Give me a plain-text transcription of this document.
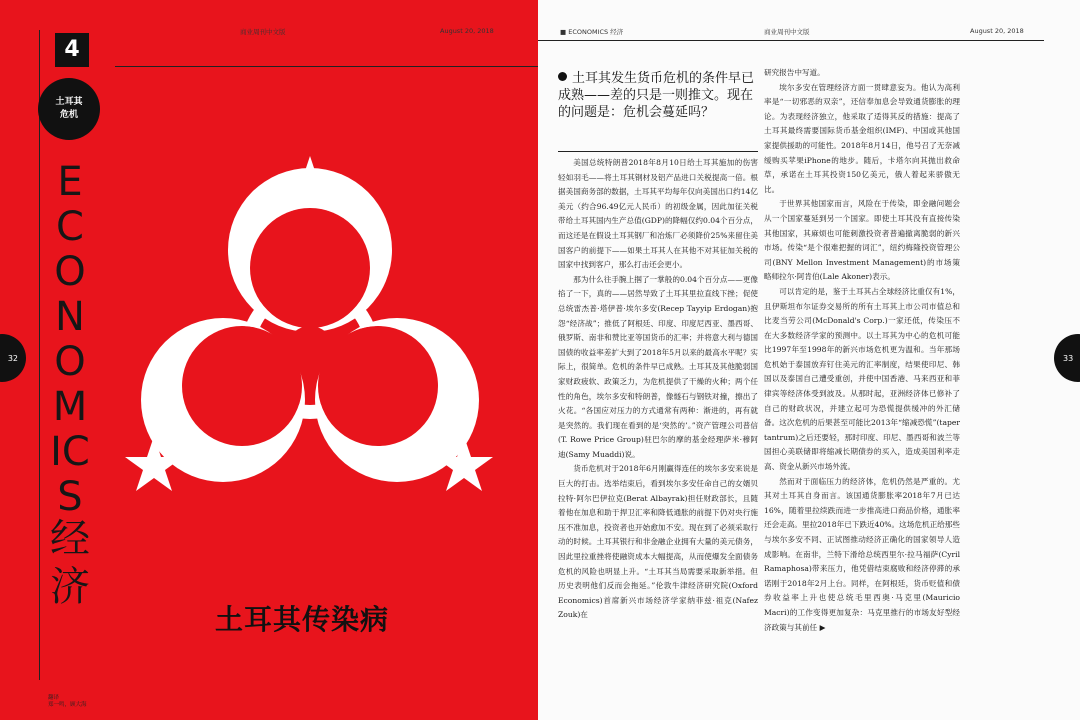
商业周刊中文版	August 20, 2018
4
土耳其
危机
ECONOMICS
经济
翻译
郑一鸣，顾大海
土耳其传染病
32
■ ECONOMICS 经济	商业周刊中文版	August 20, 2018
土耳其发生货币危机的条件早已成熟——差的只是一则推文。现在的问题是：危机会蔓延吗？

美国总统特朗普2018年8月10日给土耳其施加的伤害轻如羽毛——将土耳其钢材及铝产品进口关税提高一倍。根据美国商务部的数据，土耳其平均每年仅向美国出口约14亿美元（约合96.49亿元人民币）的初级金属，因此加征关税带给土耳其国内生产总值(GDP)的降幅仅约0.04个百分点，而这还是在假设土耳其钢厂和冶炼厂必须降价25%来留住美国客户的前提下——如果土耳其人在其他不对其征加关税的国家中找到客户，那么打击还会更小。

那为什么往手腕上掴了一掌般的0.04个百分点——更像掐了一下，真的——居然导致了土耳其里拉直线下挫；促使总统雷杰普·塔伊普·埃尔多安(Recep Tayyip Erdogan)抱怨“经济战”；推低了阿根廷、印度、印度尼西亚、墨西哥、俄罗斯、南非和赞比亚等国货币的汇率；并将意大利与德国国债的收益率差扩大到了2018年5月以来的最高水平呢？实际上，很简单。危机的条件早已成熟。土耳其及其他脆弱国家财政疲软、政策乏力，为危机提供了干燥的火种；两个任性的角色，埃尔多安和特朗普，像燧石与钢铁对撞，擦出了火花。“各国应对压力的方式通常有两种：渐进的，再有就是突然的。我们现在看到的是‘突然的’。”资产管理公司普信(T. Rowe Price Group)驻巴尔的摩的基金经理萨米·穆阿迪(Samy Muaddi)说。

货币危机对于2018年6月刚赢得连任的埃尔多安来说是巨大的打击。选举结束后，看到埃尔多安任命自己的女婿贝拉特·阿尔巴伊拉克(Berat Albayrak)担任财政部长，且随着他在加息和助于捍卫汇率和降低通胀的前提下仍对央行施压不准加息，投资者也开始愈加不安。现在到了必须采取行动的时候。土耳其银行和非金融企业拥有大量的美元债务，因此里拉重挫将使融资成本大幅提高，从而使爆发全面债务危机的风险也明显上升。“土耳其当局需要采取新举措。但历史表明他们反而会拖延。”伦敦牛津经济研究院(Oxford Economics)首席新兴市场经济学家纳菲兹·祖克(Nafez Zouk)在

研究报告中写道。

埃尔多安在管理经济方面一贯肆意妄为。他认为高利率是“一切邪恶的双亲”，还信奉加息会导致通货膨胀的理论。为表现经济独立，他采取了适得其反的措施：提高了土耳其最终需要国际货币基金组织(IMF)、中国或其他国家提供援助的可能性。2018年8月14日，他号召了无奈减缓购买苹果iPhone的地步。随后，卡塔尔向其抛出救命草，承诺在土耳其投资150亿美元，俄人着起来骄傲无比。

于世界其他国家而言，风险在于传染，即金融问题会从一个国家蔓延到另一个国家。即使土耳其没有直接传染其他国家，其麻烦也可能刺激投资者普遍撤离脆弱的新兴市场。传染“是个很难把握的词汇”，纽约梅隆投资管理公司(BNY Mellon Investment Management)的市场策略师拉尔·阿肯伯(Lale Akoner)表示。

可以肯定的是，鉴于土耳其占全球经济比重仅有1%，且伊斯坦布尔证券交易所的所有土耳其上市公司市值总和比麦当劳公司(McDonald's Corp.)一家还低，传染压不在大多数经济学家的预测中。以土耳其为中心的危机可能比1997年至1998年的新兴市场危机更为温和。当年那场危机始于泰国放弃钉住美元的汇率制度，结果使印尼、韩国以及泰国自己遭受重创，并使中国香港、马来西亚和菲律宾等经济体受到波及。从那时起，亚洲经济体已修补了自己的财政状况，并建立起可为恐慌提供缓冲的外汇储备。这次危机的后果甚至可能比2013年“缩减恐慌”(taper tantrum)之后还要轻，那时印度、印尼、墨西哥和波兰等国担心美联储即将缩减长期债券的买入，造成美国利率走高、资金从新兴市场外流。

然而对于面临压力的经济体，危机仍然是严重的。尤其对土耳其自身而言。该国通货膨胀率2018年7月已达16%，随着里拉续跌而进一步推高进口商品价格，通胀率还会走高。里拉2018年已下跌近40%。这场危机正给那些与埃尔多安不同、正试图推动经济正确化的国家领导人造成影响。在南非，兰特下滑给总统西里尔·拉马福萨(Cyril Ramaphosa)带来压力，他凭借结束腐败和经济停滞的承诺刚于2018年2月上台。同样，在阿根廷，货币贬值和债券收益率上升也使总统毛里西奥·马克里(Mauricio Macri)的工作变得更加复杂：马克里推行的市场友好型经济政策与其前任 ▶

33
